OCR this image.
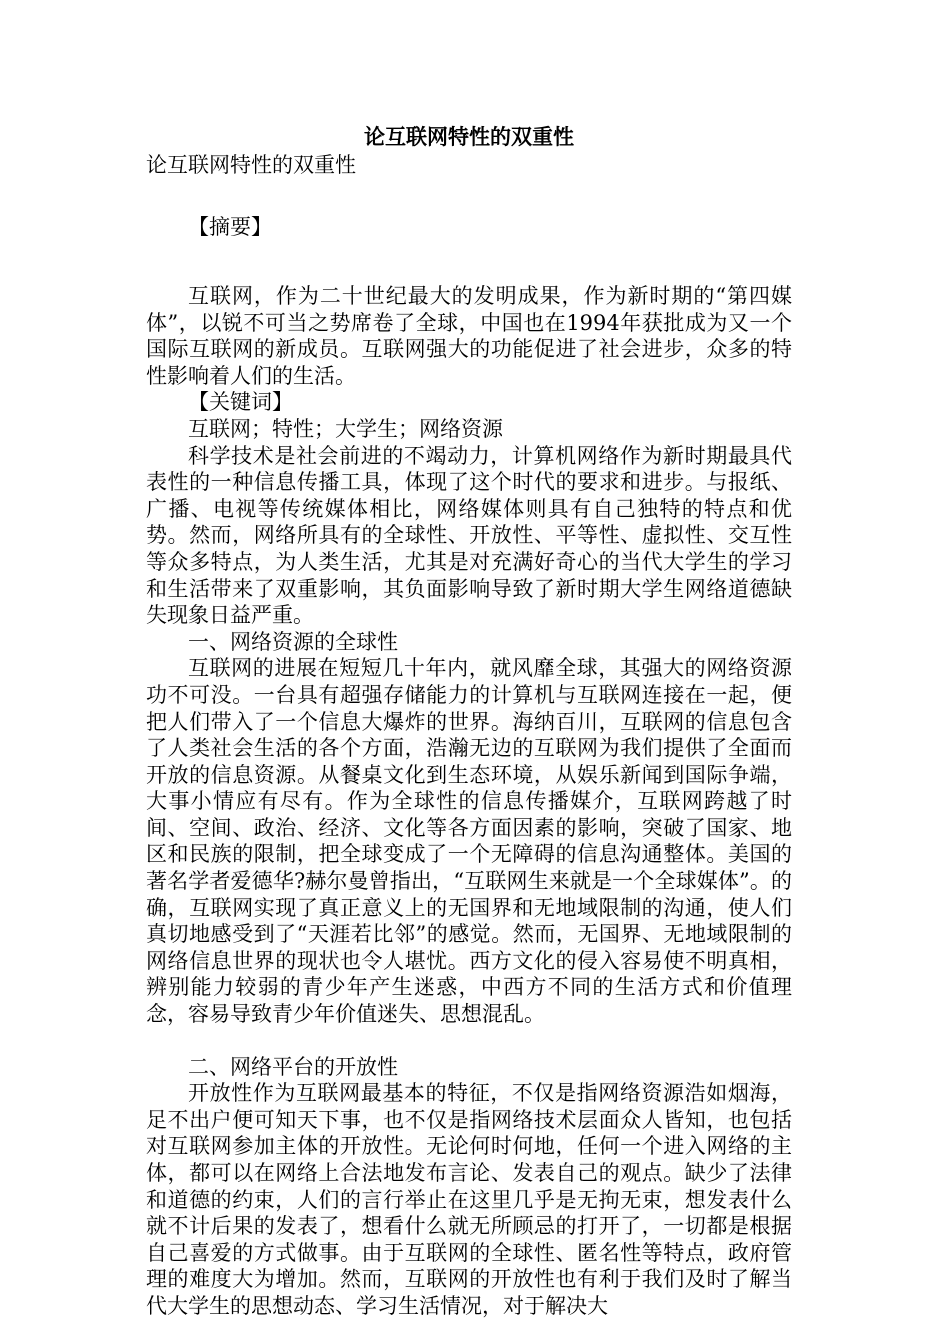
论互联网特性的双重性

论互联网特性的双重性

【摘要】

互联网，作为二十世纪最大的发明成果，作为新时期的“第四媒体”，以锐不可当之势席卷了全球，中国也在1994年获批成为又一个国际互联网的新成员。互联网强大的功能促进了社会进步，众多的特性影响着人们的生活。

【关键词】

互联网；特性；大学生；网络资源

科学技术是社会前进的不竭动力，计算机网络作为新时期最具代表性的一种信息传播工具，体现了这个时代的要求和进步。与报纸、广播、电视等传统媒体相比，网络媒体则具有自己独特的特点和优势。然而，网络所具有的全球性、开放性、平等性、虚拟性、交互性等众多特点，为人类生活，尤其是对充满好奇心的当代大学生的学习和生活带来了双重影响，其负面影响导致了新时期大学生网络道德缺失现象日益严重。

一、网络资源的全球性

互联网的进展在短短几十年内，就风靡全球，其强大的网络资源功不可没。一台具有超强存储能力的计算机与互联网连接在一起，便把人们带入了一个信息大爆炸的世界。海纳百川，互联网的信息包含了人类社会生活的各个方面，浩瀚无边的互联网为我们提供了全面而开放的信息资源。从餐桌文化到生态环境，从娱乐新闻到国际争端，大事小情应有尽有。作为全球性的信息传播媒介，互联网跨越了时间、空间、政治、经济、文化等各方面因素的影响，突破了国家、地区和民族的限制，把全球变成了一个无障碍的信息沟通整体。美国的著名学者爱德华?赫尔曼曾指出，“互联网生来就是一个全球媒体”。的确，互联网实现了真正意义上的无国界和无地域限制的沟通，使人们真切地感受到了“天涯若比邻”的感觉。然而，无国界、无地域限制的网络信息世界的现状也令人堪忧。西方文化的侵入容易使不明真相，辨别能力较弱的青少年产生迷惑，中西方不同的生活方式和价值理念，容易导致青少年价值迷失、思想混乱。

二、网络平台的开放性

开放性作为互联网最基本的特征，不仅是指网络资源浩如烟海，足不出户便可知天下事，也不仅是指网络技术层面众人皆知，也包括对互联网参加主体的开放性。无论何时何地，任何一个进入网络的主体，都可以在网络上合法地发布言论、发表自己的观点。缺少了法律和道德的约束，人们的言行举止在这里几乎是无拘无束，想发表什么就不计后果的发表了，想看什么就无所顾忌的打开了，一切都是根据自己喜爱的方式做事。由于互联网的全球性、匿名性等特点，政府管理的难度大为增加。然而，互联网的开放性也有利于我们及时了解当代大学生的思想动态、学习生活情况，对于解决大
